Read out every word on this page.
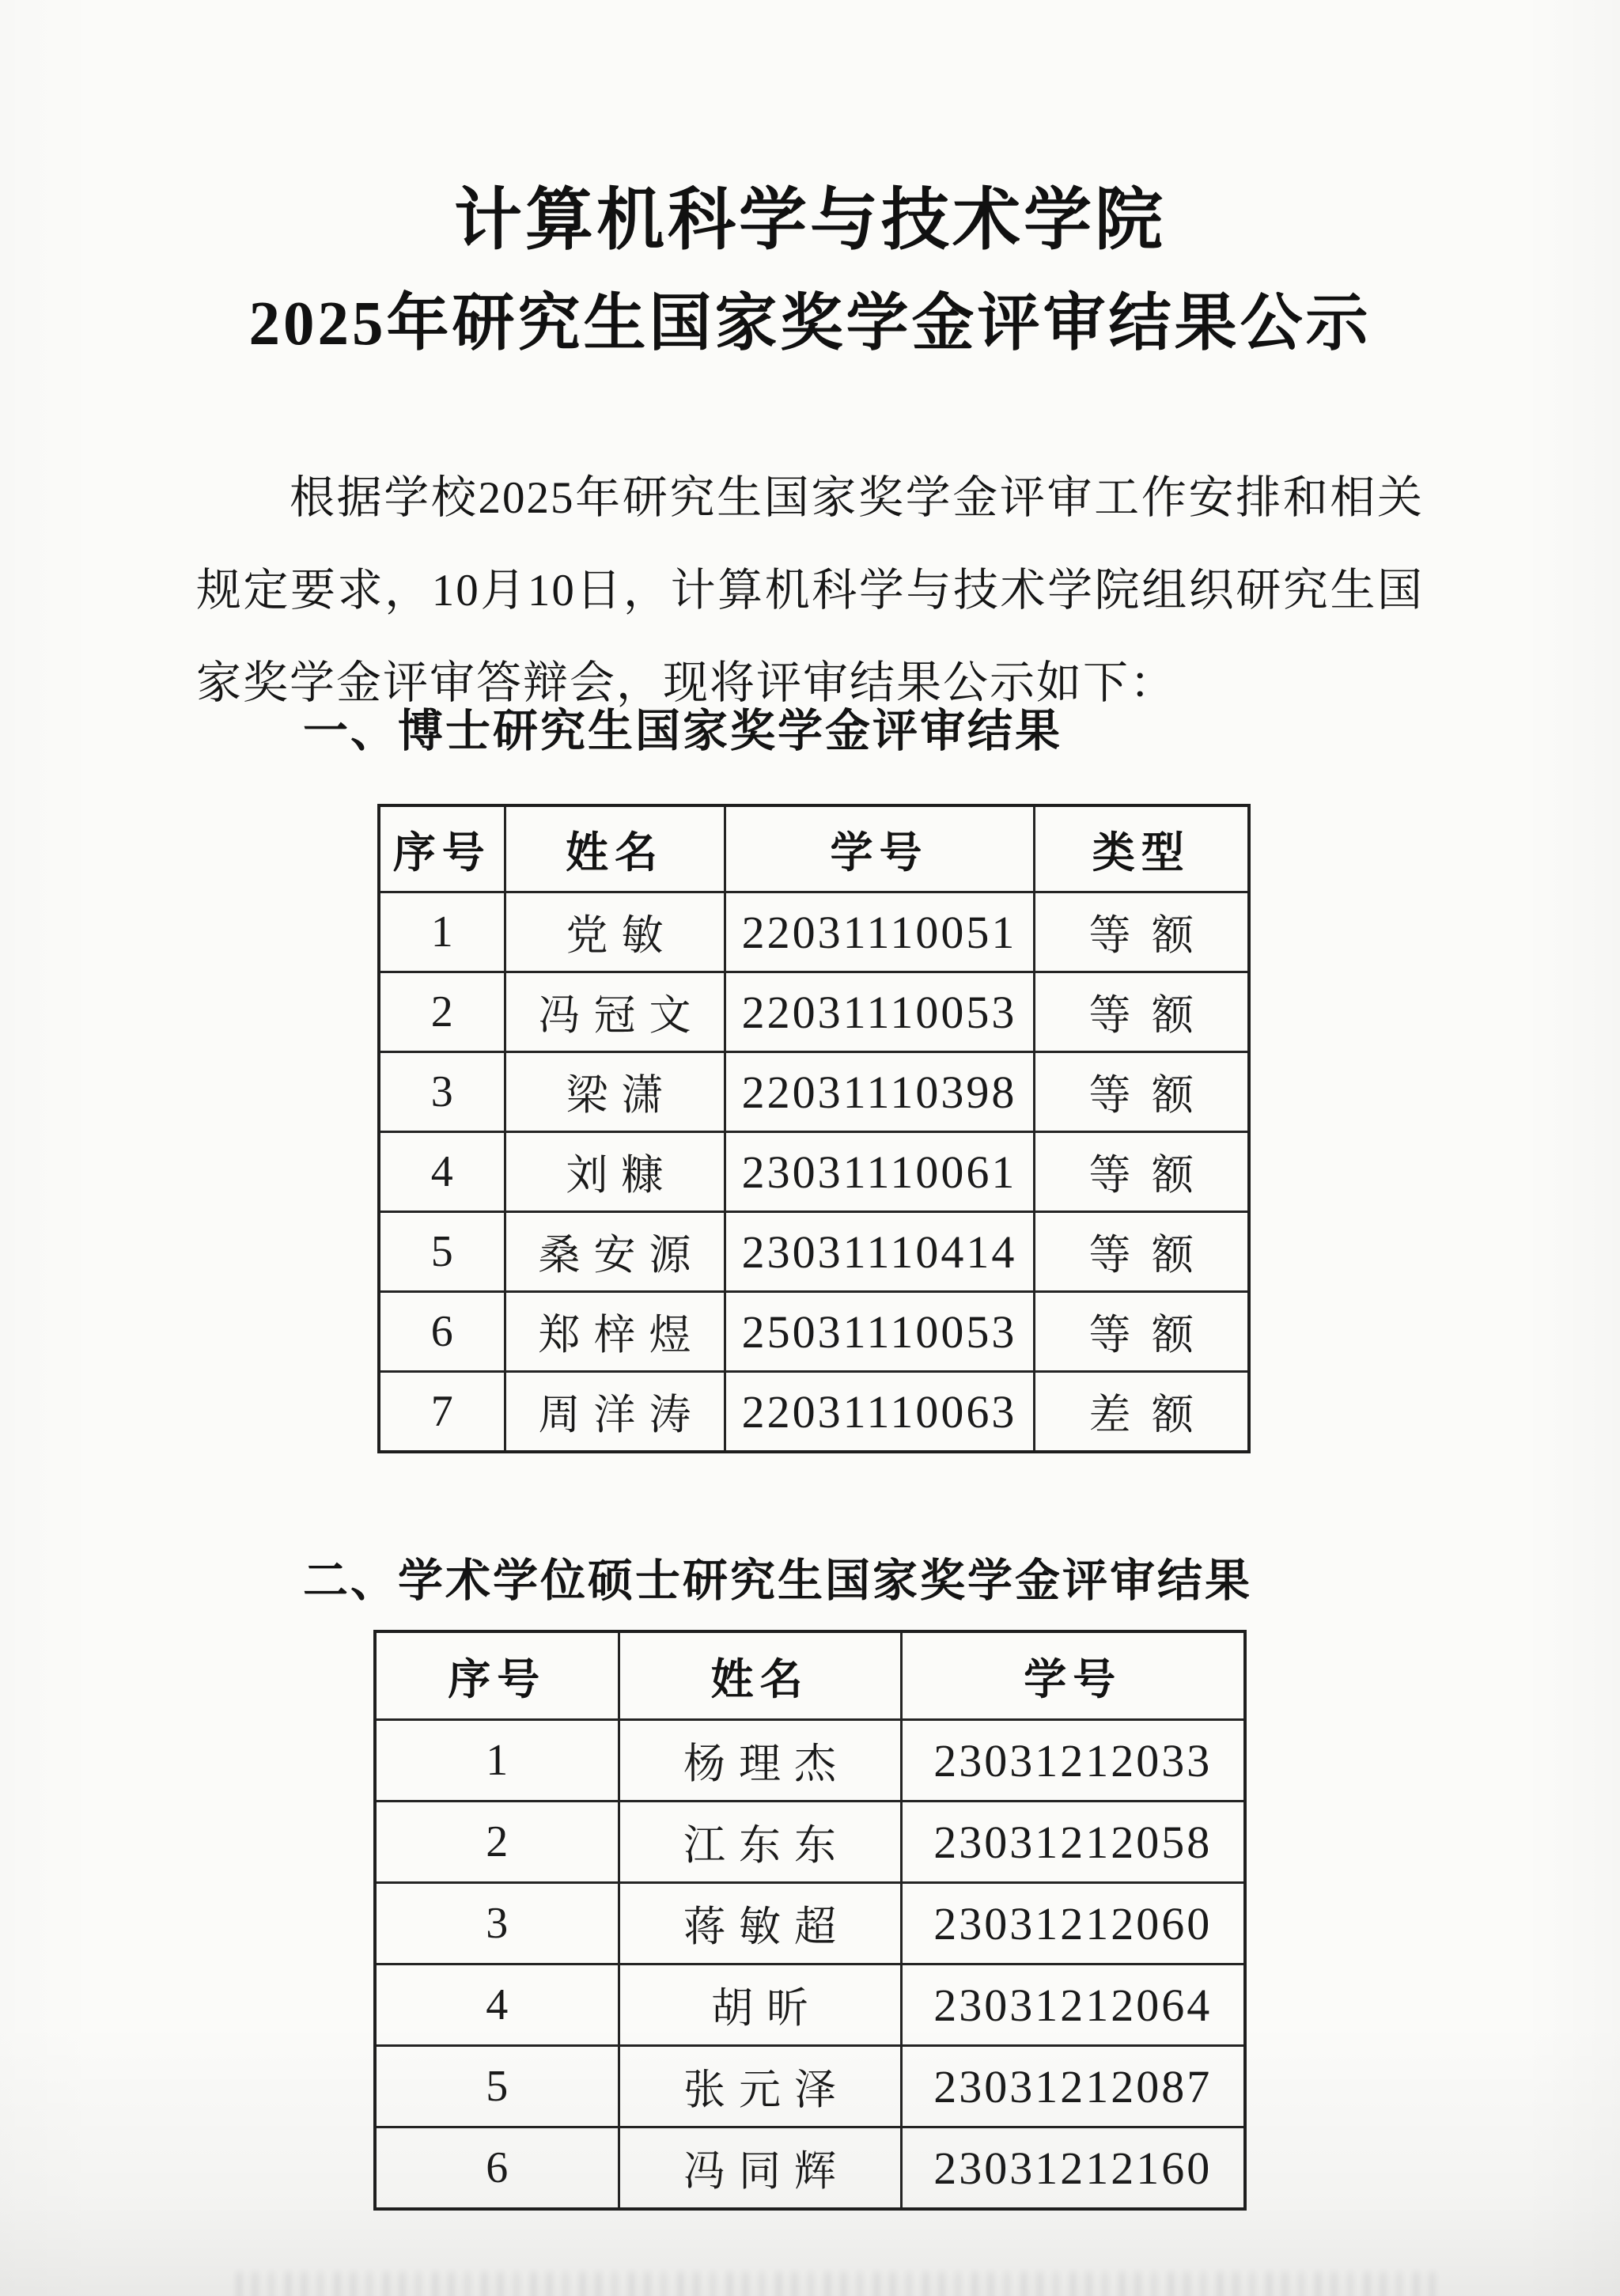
计算机科学与技术学院
2025年研究生国家奖学金评审结果公示

根据学校2025年研究生国家奖学金评审工作安排和相关规定要求，10月10日，计算机科学与技术学院组织研究生国家奖学金评审答辩会，现将评审结果公示如下：

一、博士研究生国家奖学金评审结果
序号	姓名	学号	类型
1	党敏	22031110051	等额
2	冯冠文	22031110053	等额
3	梁潇	22031110398	等额
4	刘糠	23031110061	等额
5	桑安源	23031110414	等额
6	郑梓煜	25031110053	等额
7	周洋涛	22031110063	差额
二、学术学位硕士研究生国家奖学金评审结果
序号	姓名	学号
1	杨理杰	23031212033
2	江东东	23031212058
3	蒋敏超	23031212060
4	胡昕	23031212064
5	张元泽	23031212087
6	冯同辉	23031212160
